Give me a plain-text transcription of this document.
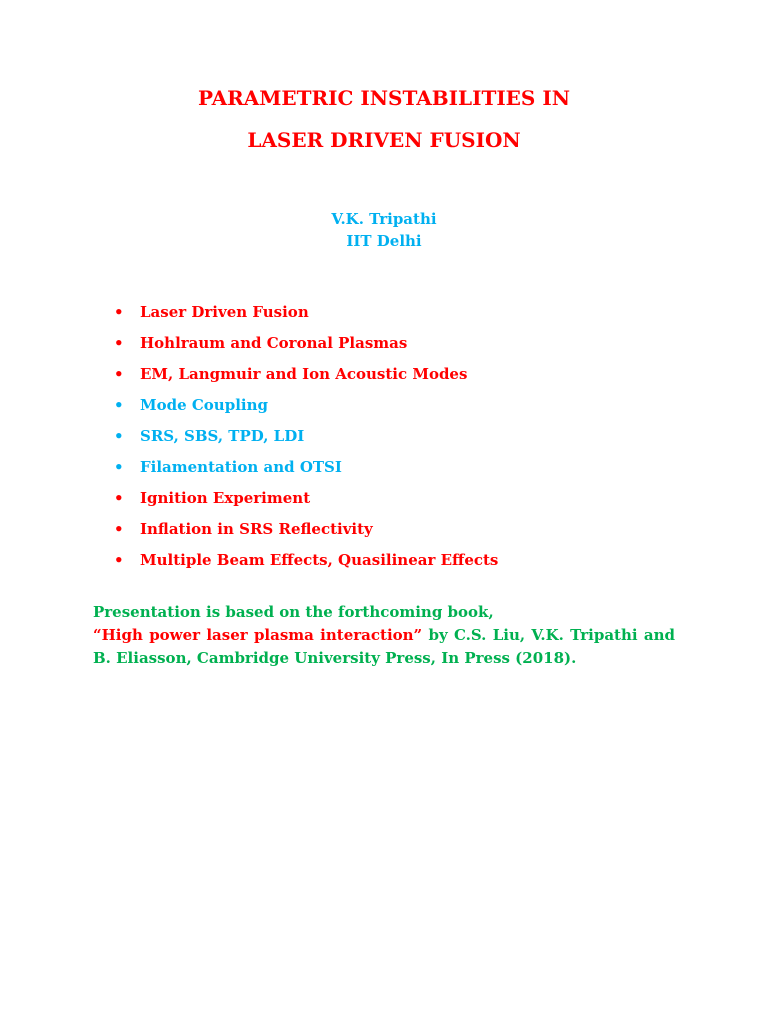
PARAMETRIC INSTABILITIES IN
LASER DRIVEN FUSION
V.K. Tripathi
IIT Delhi
• Laser Driven Fusion
• Hohlraum and Coronal Plasmas
• EM, Langmuir and Ion Acoustic Modes
• Mode Coupling
• SRS, SBS, TPD, LDI
• Filamentation and OTSI
• Ignition Experiment
• Inflation in SRS Reflectivity
• Multiple Beam Effects, Quasilinear Effects
Presentation is based on the forthcoming book,
“High power laser plasma interaction” by C.S. Liu, V.K. Tripathi and B. Eliasson, Cambridge University Press, In Press (2018).
